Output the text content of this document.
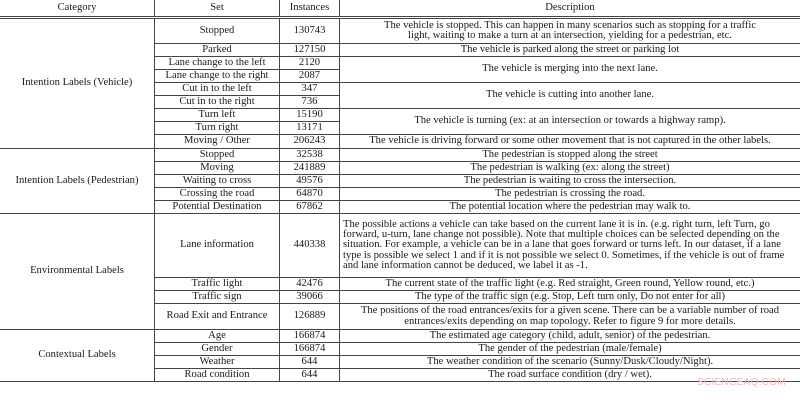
Category	Set	Instances	Description
Intention Labels (Vehicle)	Stopped	130743	The vehicle is stopped. This can happen in many scenarios such as stopping for a traffic light, waiting to make a turn at an intersection, yielding for a pedestrian, etc.
	Parked	127150	The vehicle is parked along the street or parking lot
	Lane change to the left	2120	The vehicle is merging into the next lane.
	Lane change to the right	2087	
	Cut in to the left	347	The vehicle is cutting into another lane.
	Cut in to the right	736	
	Turn left	15190	The vehicle is turning (ex: at an intersection or towards a highway ramp).
	Turn right	13171	
	Moving / Other	206243	The vehicle is driving forward or some other movement that is not captured in the other labels.
Intention Labels (Pedestrian)	Stopped	32538	The pedestrian is stopped along the street
	Moving	241889	The pedestrian is walking (ex: along the street)
	Waiting to cross	49576	The pedestrian is waiting to cross the intersection.
	Crossing the road	64870	The pedestrian is crossing the road.
	Potential Destination	67862	The potential location where the pedestrian may walk to.
Environmental Labels	Lane information	440338	The possible actions a vehicle can take based on the current lane it is in. (e.g. right turn, left Turn, go forward, u-turn, lane change not possible). Note that multiple choices can be selected depending on the situation. For example, a vehicle can be in a lane that goes forward or turns left. In our dataset, if a lane type is possible we select 1 and if it is not possible we select 0. Sometimes, if the vehicle is out of frame and lane information cannot be deduced, we label it as -1.
	Traffic light	42476	The current state of the traffic light (e.g. Red straight, Green round, Yellow round, etc.)
	Traffic sign	39066	The type of the traffic sign (e.g. Stop, Left turn only, Do not enter for all)
	Road Exit and Entrance	126889	The positions of the road entrances/exits for a given scene. There can be a variable number of road entrances/exits depending on map topology. Refer to figure 9 for more details.
Contextual Labels	Age	166874	The estimated age category (child, adult, senior) of the pedestrian.
	Gender	166874	The gender of the pedestrian (male/female)
	Weather	644	The weather condition of the scenario (Sunny/Dusk/Cloudy/Night).
	Road condition	644	The road surface condition (dry / wet).
SCIENCEAQ.COM
